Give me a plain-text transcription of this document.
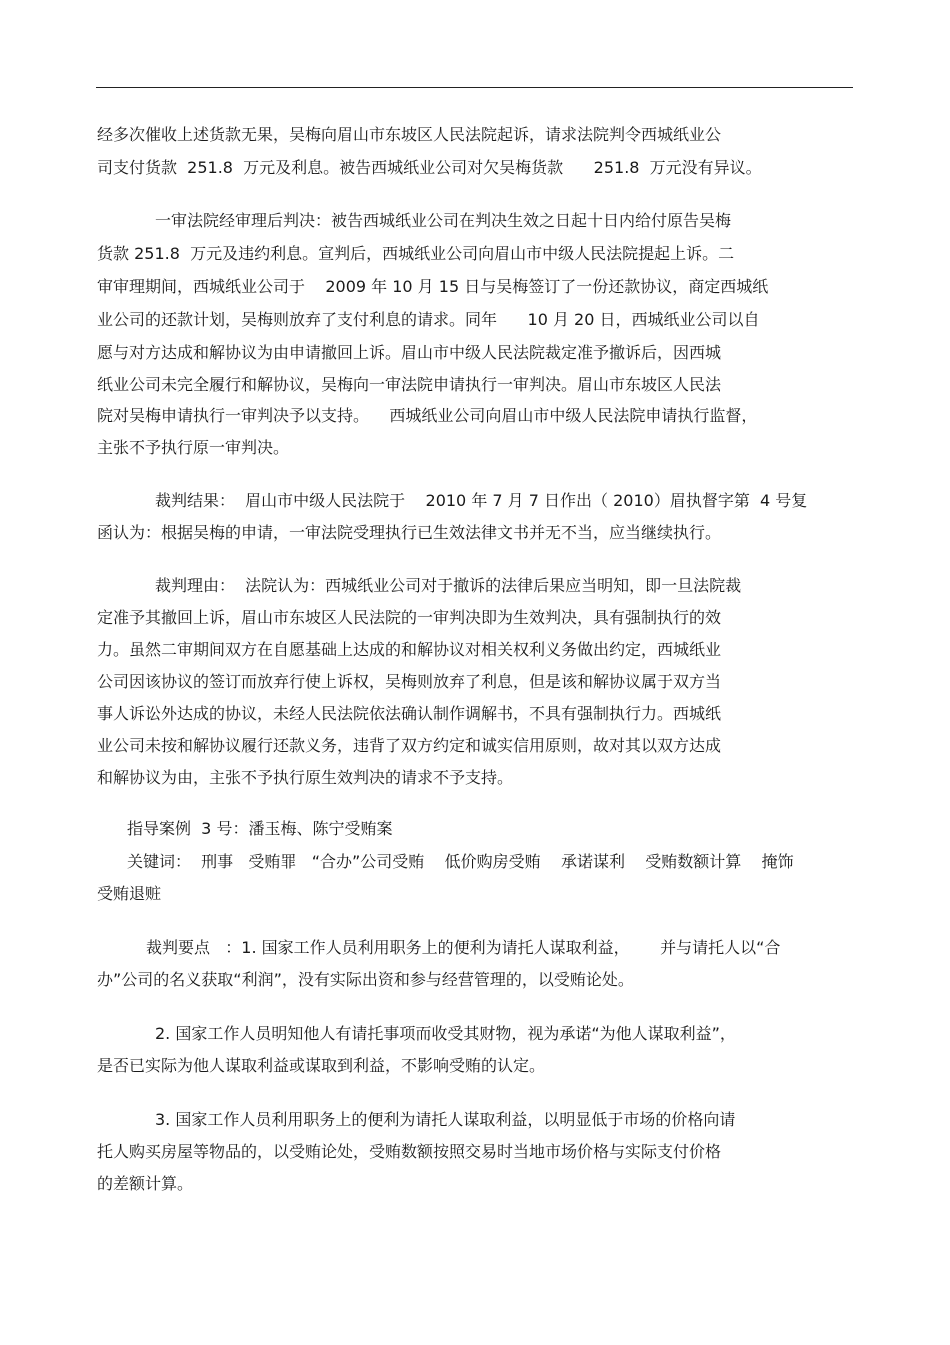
经多次催收上述货款无果，吴梅向眉山市东坡区人民法院起诉，请求法院判令西城纸业公
司支付货款  251.8  万元及利息。被告西城纸业公司对欠吴梅货款      251.8  万元没有异议。
一审法院经审理后判决：被告西城纸业公司在判决生效之日起十日内给付原告吴梅
货款 251.8  万元及违约利息。宣判后，西城纸业公司向眉山市中级人民法院提起上诉。二
审审理期间，西城纸业公司于    2009 年 10 月 15 日与吴梅签订了一份还款协议，商定西城纸
业公司的还款计划，吴梅则放弃了支付利息的请求。同年      10 月 20 日，西城纸业公司以自
愿与对方达成和解协议为由申请撤回上诉。眉山市中级人民法院裁定准予撤诉后，因西城
纸业公司未完全履行和解协议，吴梅向一审法院申请执行一审判决。眉山市东坡区人民法
院对吴梅申请执行一审判决予以支持。    西城纸业公司向眉山市中级人民法院申请执行监督，
主张不予执行原一审判决。
裁判结果：  眉山市中级人民法院于    2010 年 7 月 7 日作出（ 2010）眉执督字第  4 号复
函认为：根据吴梅的申请，一审法院受理执行已生效法律文书并无不当，应当继续执行。
裁判理由：  法院认为：西城纸业公司对于撤诉的法律后果应当明知，即一旦法院裁
定准予其撤回上诉，眉山市东坡区人民法院的一审判决即为生效判决，具有强制执行的效
力。虽然二审期间双方在自愿基础上达成的和解协议对相关权利义务做出约定，西城纸业
公司因该协议的签订而放弃行使上诉权，吴梅则放弃了利息，但是该和解协议属于双方当
事人诉讼外达成的协议，未经人民法院依法确认制作调解书，不具有强制执行力。西城纸
业公司未按和解协议履行还款义务，违背了双方约定和诚实信用原则，故对其以双方达成
和解协议为由，主张不予执行原生效判决的请求不予支持。
指导案例  3 号：潘玉梅、陈宁受贿案
关键词：  刑事   受贿罪   “合办”公司受贿    低价购房受贿    承诺谋利    受贿数额计算    掩饰
受贿退赃
裁判要点   ：1. 国家工作人员利用职务上的便利为请托人谋取利益，      并与请托人以“合
办”公司的名义获取“利润”，没有实际出资和参与经营管理的，以受贿论处。
2. 国家工作人员明知他人有请托事项而收受其财物，视为承诺“为他人谋取利益”，
是否已实际为他人谋取利益或谋取到利益，不影响受贿的认定。
3. 国家工作人员利用职务上的便利为请托人谋取利益，以明显低于市场的价格向请
托人购买房屋等物品的，以受贿论处，受贿数额按照交易时当地市场价格与实际支付价格
的差额计算。
